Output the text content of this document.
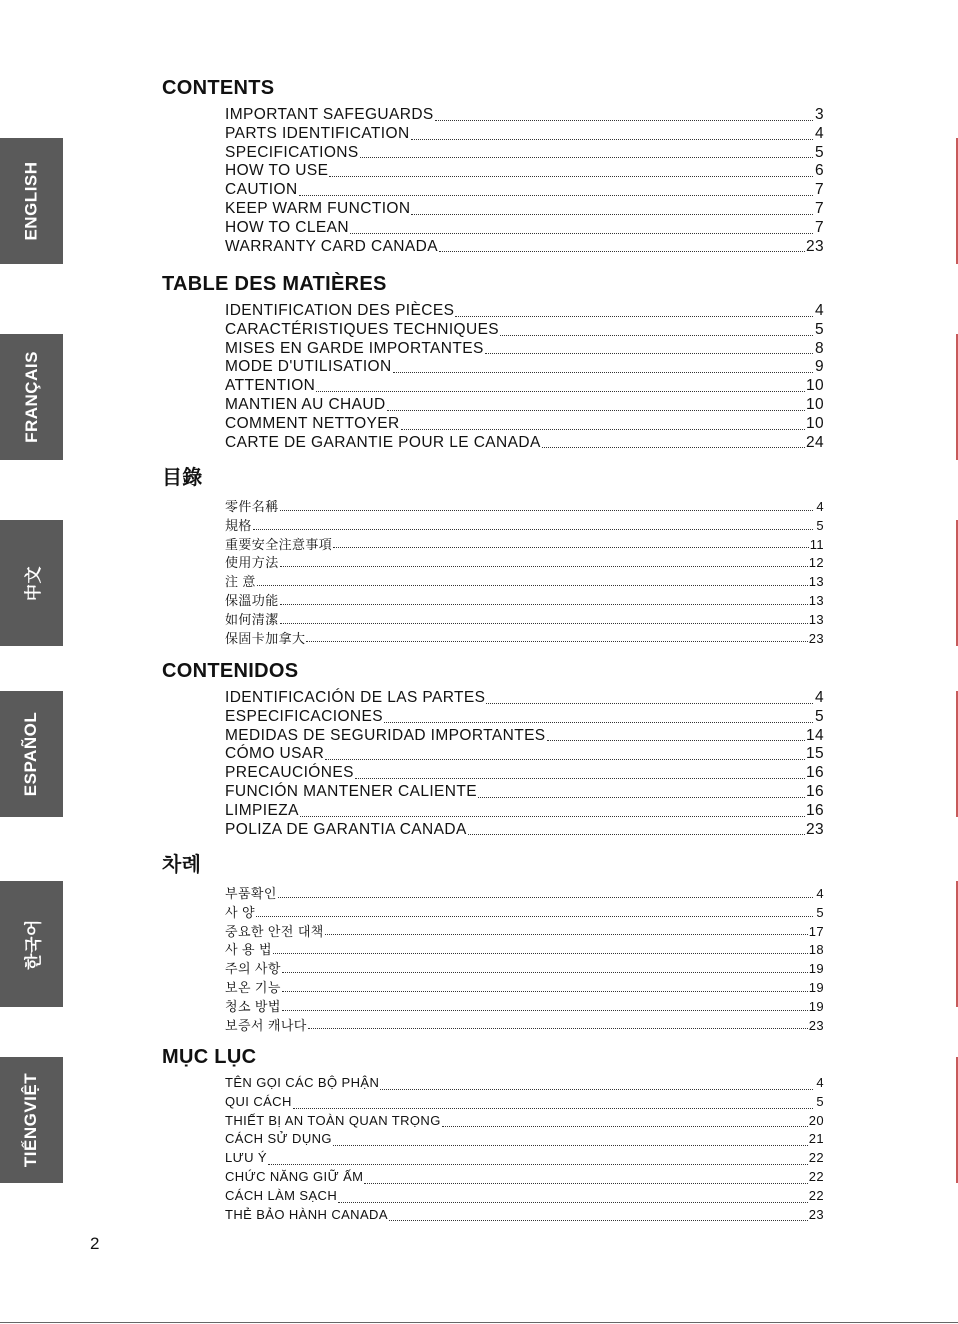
ENGLISH
FRANÇAIS
中文
ESPAÑOL
한국어
TIẾNGVIỆT
CONTENTS
IMPORTANT SAFEGUARDS	3
PARTS IDENTIFICATION	4
SPECIFICATIONS	5
HOW TO USE	6
CAUTION	7
KEEP WARM FUNCTION	7
HOW TO CLEAN	7
WARRANTY CARD CANADA	23
TABLE DES MATIÈRES
IDENTIFICATION DES PIÈCES	4
CARACTÉRISTIQUES TECHNIQUES	5
MISES EN GARDE IMPORTANTES	8
MODE D'UTILISATION	9
ATTENTION	10
MANTIEN AU CHAUD	10
COMMENT NETTOYER	10
CARTE DE GARANTIE POUR LE CANADA	24
目錄
零件名稱	4
規格	5
重要安全注意事項	11
使用方法	12
注 意	13
保溫功能	13
如何清潔	13
保固卡加拿大	23
CONTENIDOS
IDENTIFICACIÓN DE LAS PARTES	4
ESPECIFICACIONES	5
MEDIDAS DE SEGURIDAD IMPORTANTES	14
CÓMO USAR	15
PRECAUCIÓNES	16
FUNCIÓN MANTENER CALIENTE	16
LIMPIEZA	16
POLIZA DE GARANTIA CANADA	23
차례
부품확인	4
사 양	5
중요한 안전 대책	17
사 용 법	18
주의 사항	19
보온 기능	19
청소 방법	19
보증서 캐나다	23
MỤC LỤC
TÊN GỌI CÁC BỘ PHẬN	4
QUI CÁCH	5
THIẾT BỊ AN TOÀN QUAN TRỌNG	20
CÁCH SỬ DỤNG	21
LƯU Ý	22
CHỨC NĂNG GIỮ ẤM	22
CÁCH LÀM SẠCH	22
THẺ BẢO HÀNH CANADA	23
2
